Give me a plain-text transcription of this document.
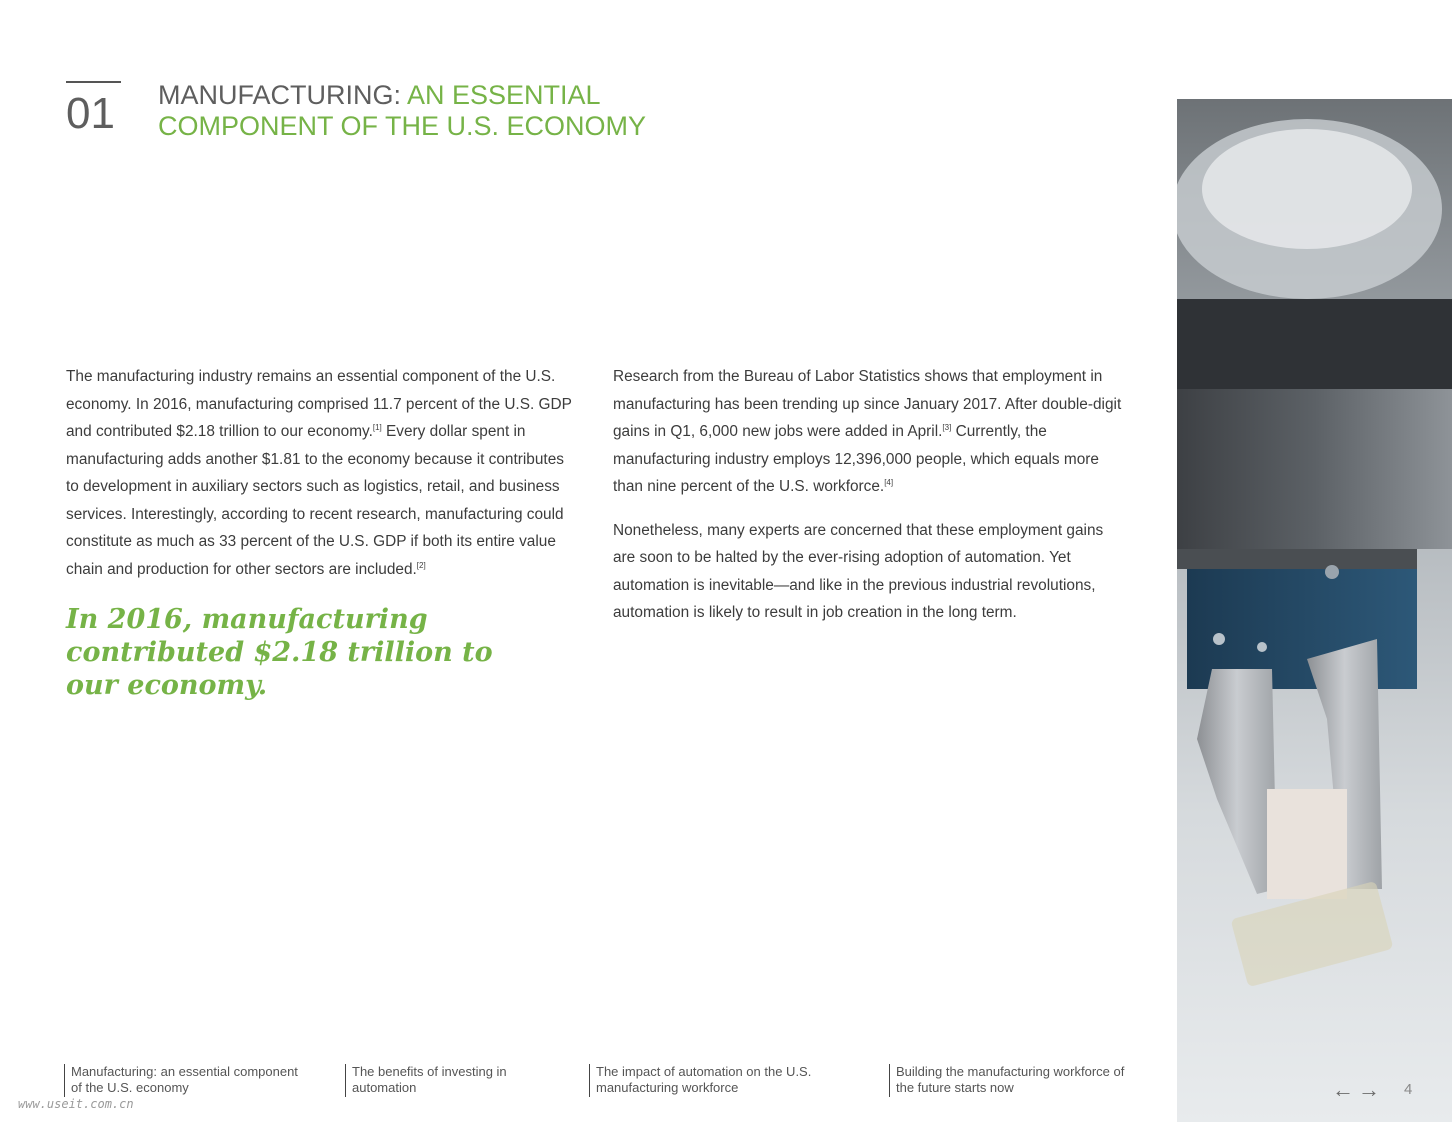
01 MANUFACTURING: AN ESSENTIAL COMPONENT OF THE U.S. ECONOMY

The manufacturing industry remains an essential component of the U.S. economy. In 2016, manufacturing comprised 11.7 percent of the U.S. GDP and contributed $2.18 trillion to our economy.[1] Every dollar spent in manufacturing adds another $1.81 to the economy because it contributes to development in auxiliary sectors such as logistics, retail, and business services. Interestingly, according to recent research, manufacturing could constitute as much as 33 percent of the U.S. GDP if both its entire value chain and production for other sectors are included.[2]

In 2016, manufacturing contributed $2.18 trillion to our economy.

Research from the Bureau of Labor Statistics shows that employment in manufacturing has been trending up since January 2017. After double-digit gains in Q1, 6,000 new jobs were added in April.[3] Currently, the manufacturing industry employs 12,396,000 people, which equals more than nine percent of the U.S. workforce.[4]

Nonetheless, many experts are concerned that these employment gains are soon to be halted by the ever-rising adoption of automation. Yet automation is inevitable—and like in the previous industrial revolutions, automation is likely to result in job creation in the long term.

Manufacturing: an essential component of the U.S. economy
The benefits of investing in automation
The impact of automation on the U.S. manufacturing workforce
Building the manufacturing workforce of the future starts now	←→ 4
www.useit.com.cn
